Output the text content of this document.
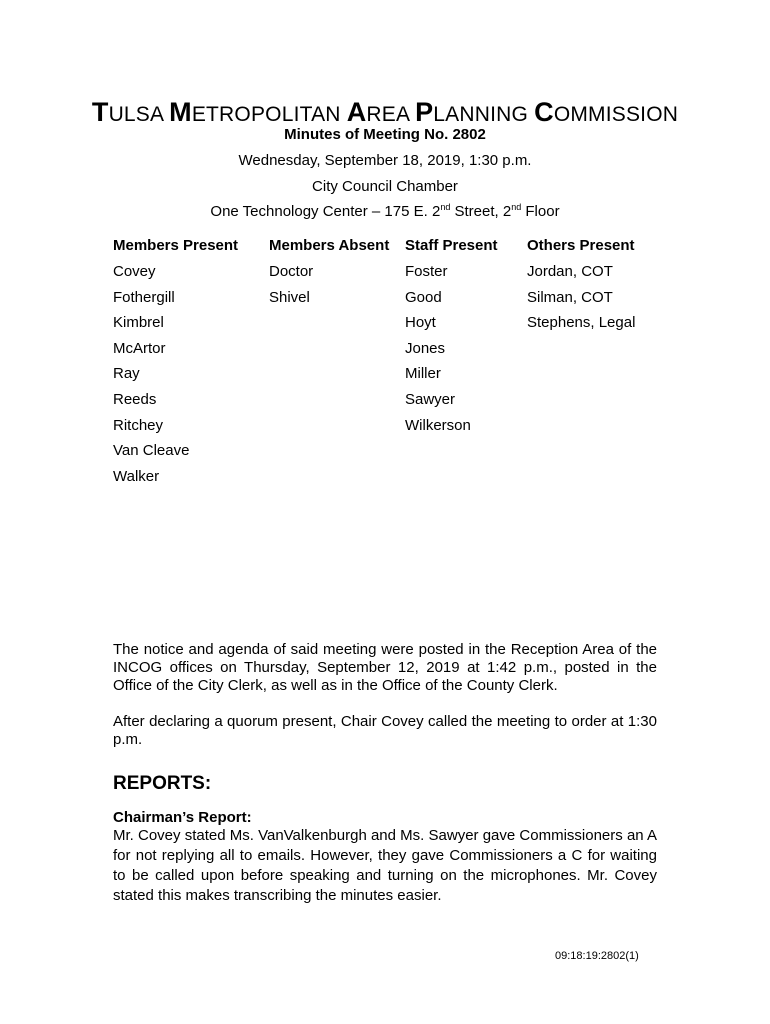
TULSA METROPOLITAN AREA PLANNING COMMISSION
Minutes of Meeting No. 2802
Wednesday, September 18, 2019, 1:30 p.m.
City Council Chamber
One Technology Center – 175 E. 2nd Street, 2nd Floor
Members Present
Covey
Fothergill
Kimbrel
McArtor
Ray
Reeds
Ritchey
Van Cleave
Walker
Members Absent
Doctor
Shivel
Staff Present
Foster
Good
Hoyt
Jones
Miller
Sawyer
Wilkerson
Others Present
Jordan, COT
Silman, COT
Stephens, Legal
The notice and agenda of said meeting were posted in the Reception Area of the INCOG offices on Thursday, September 12, 2019 at 1:42 p.m., posted in the Office of the City Clerk, as well as in the Office of the County Clerk.
After declaring a quorum present, Chair Covey called the meeting to order at 1:30 p.m.
REPORTS:
Chairman’s Report:
Mr. Covey stated Ms. VanValkenburgh and Ms. Sawyer gave Commissioners an A for not replying all to emails. However, they gave Commissioners a C for waiting to be called upon before speaking and turning on the microphones. Mr. Covey stated this makes transcribing the minutes easier.
09:18:19:2802(1)
